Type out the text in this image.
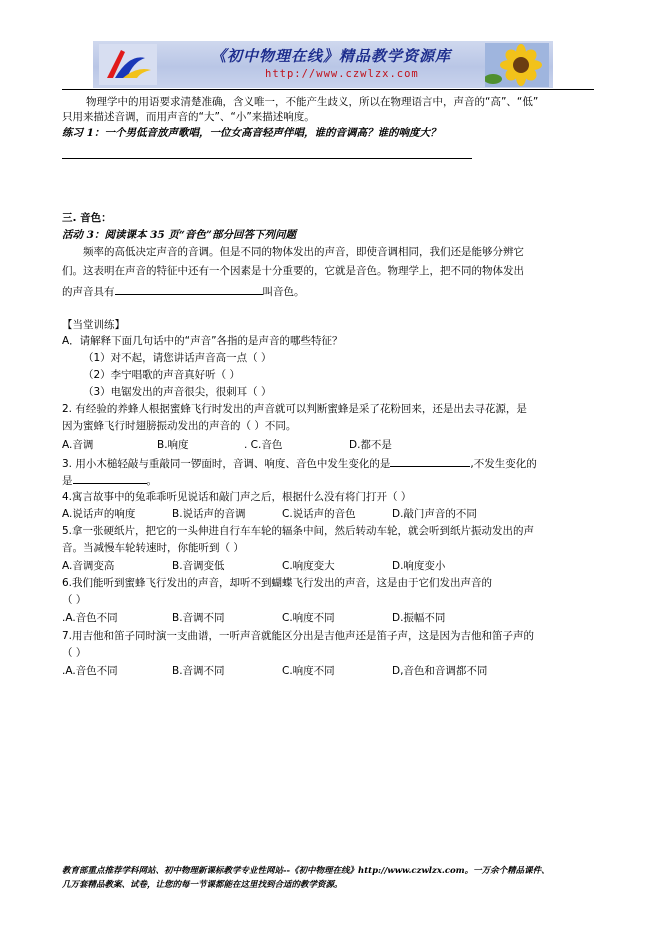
《初中物理在线》精品教学资源库
http://www.czwlzx.com
物理学中的用语要求清楚准确，含义唯一，不能产生歧义，所以在物理语言中，声音的“高”、“低”
只用来描述音调，而用声音的“大”、“小”来描述响度。
练习 1：一个男低音放声歌唱，一位女高音轻声伴唱，谁的音调高？谁的响度大？
三. 音色：
活动 3：阅读课本 35 页“音色”部分回答下列问题
频率的高低决定声音的音调。但是不同的物体发出的声音，即使音调相同，我们还是能够分辨它
们。这表明在声音的特征中还有一个因素是十分重要的，它就是音色。物理学上，把不同的物体发出
的声音具有	叫音色。
【当堂训练】
A．请解释下面几句话中的“声音”各指的是声音的哪些特征？
（1）对不起，请您讲话声音高一点（ ）
（2）李宁唱歌的声音真好听（ ）
（3）电锯发出的声音很尖，很刺耳（ ）
2. 有经验的养蜂人根据蜜蜂飞行时发出的声音就可以判断蜜蜂是采了花粉回来，还是出去寻花源，是
因为蜜蜂飞行时翅膀振动发出的声音的（ ）不同。
A.音调	B.响度	. C.音色	D.都不是
3. 用小木槌轻敲与重敲同一锣面时，音调、响度、音色中发生变化的是	,不发生变化的
是	。
4.寓言故事中的兔乖乖听见说话和敲门声之后，根据什么没有将门打开（ ）
A.说话声的响度	B.说话声的音调	C.说话声的音色	D.敲门声音的不同
5.拿一张硬纸片，把它的一头伸进自行车车轮的辐条中间，然后转动车轮，就会听到纸片振动发出的声
音。当减慢车轮转速时，你能听到（ ）
A.音调变高	B.音调变低	C.响度变大	D.响度变小
6.我们能听到蜜蜂飞行发出的声音，却听不到蝴蝶飞行发出的声音，这是由于它们发出声音的
（ ）
.A.音色不同	B.音调不同	C.响度不同	D.振幅不同
7.用吉他和笛子同时演一支曲谱，一听声音就能区分出是吉他声还是笛子声，这是因为吉他和笛子声的
（ ）
.A.音色不同	B.音调不同	C.响度不同	D,音色和音调都不同
教育部重点推荐学科网站、初中物理新课标教学专业性网站--《初中物理在线》http://www.czwlzx.com。一万余个精品课件、
几万套精品教案、试卷，让您的每一节课都能在这里找到合适的教学资源。
